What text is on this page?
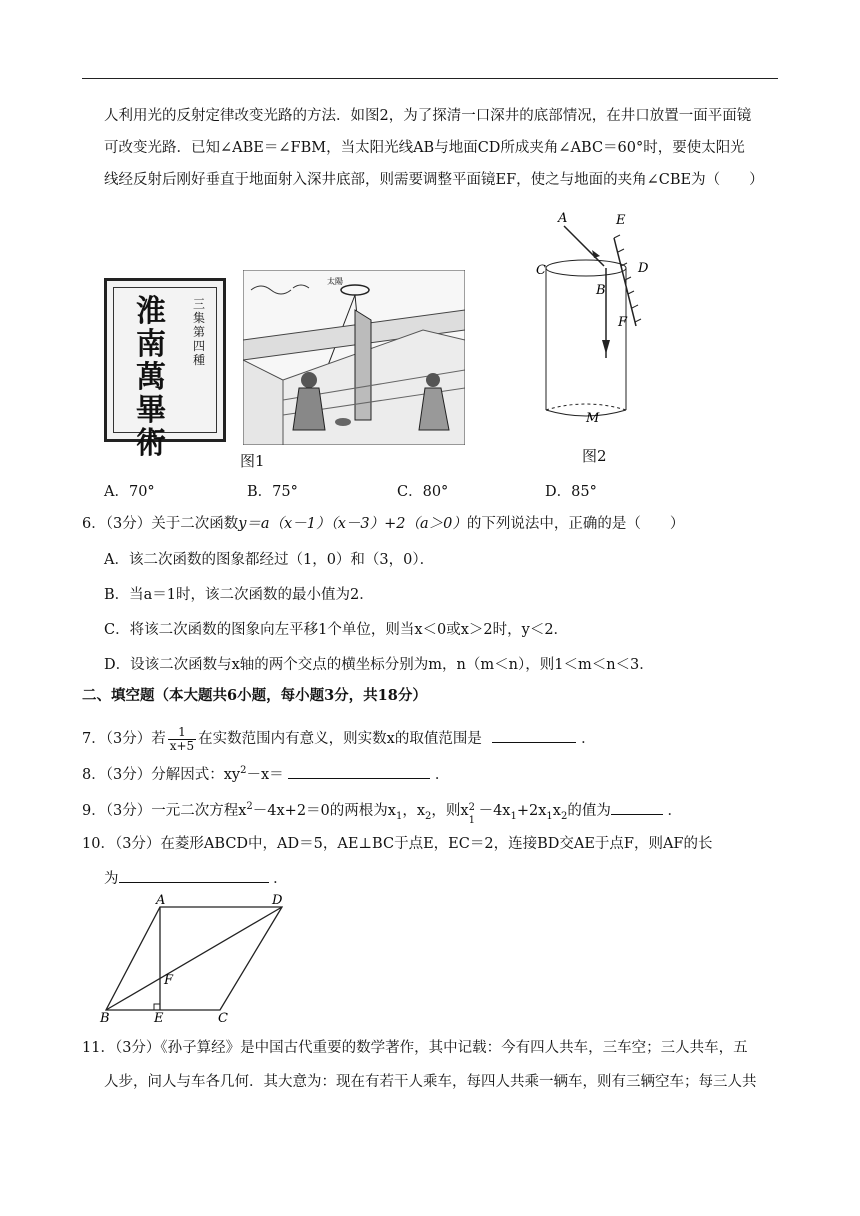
人利用光的反射定律改变光路的方法．如图2，为了探清一口深井的底部情况，在井口放置一面平面镜
可改变光路．已知∠ABE＝∠FBM，当太阳光线AB与地面CD所成夹角∠ABC＝60°时，要使太阳光
线经反射后刚好垂直于地面射入深井底部，则需要调整平面镜EF，使之与地面的夹角∠CBE为（　　）
淮南萬畢術
三集第四種
太陽
图1
A	E
C	D
B
F
M
图2
A．70°	B．75°	C．80°	D．85°
6．（3分）关于二次函数y＝a（x－1）（x－3）+2（a＞0）的下列说法中，正确的是（　　）
A．该二次函数的图象都经过（1，0）和（3，0）．
B．当a＝1时，该二次函数的最小值为2．
C．将该二次函数的图象向左平移1个单位，则当x＜0或x＞2时，y＜2．
D．设该二次函数与x轴的两个交点的横坐标分别为m，n（m＜n），则1＜m＜n＜3．
二、填空题（本大题共6小题，每小题3分，共18分）
7．（3分）若 $\frac{1}{x+5}$ 在实数范围内有意义，则实数x的取值范围是	．
8．（3分）分解因式：$xy^2-x=$	．
9．（3分）一元二次方程$x^2-4x+2=0$的两根为$x_1$，$x_2$，则x 2
1
$-4x_1+2x_1x_2$的值为	．
10．（3分）在菱形ABCD中，AD＝5，AE⊥BC于点E，EC＝2，连接BD交AE于点F，则AF的长
为	．
A	D
F
B	E	C
11．（3分）《孙子算经》是中国古代重要的数学著作，其中记载：今有四人共车，三车空；三人共车，五
人步，问人与车各几何．其大意为：现在有若干人乘车，每四人共乘一辆车，则有三辆空车；每三人共
